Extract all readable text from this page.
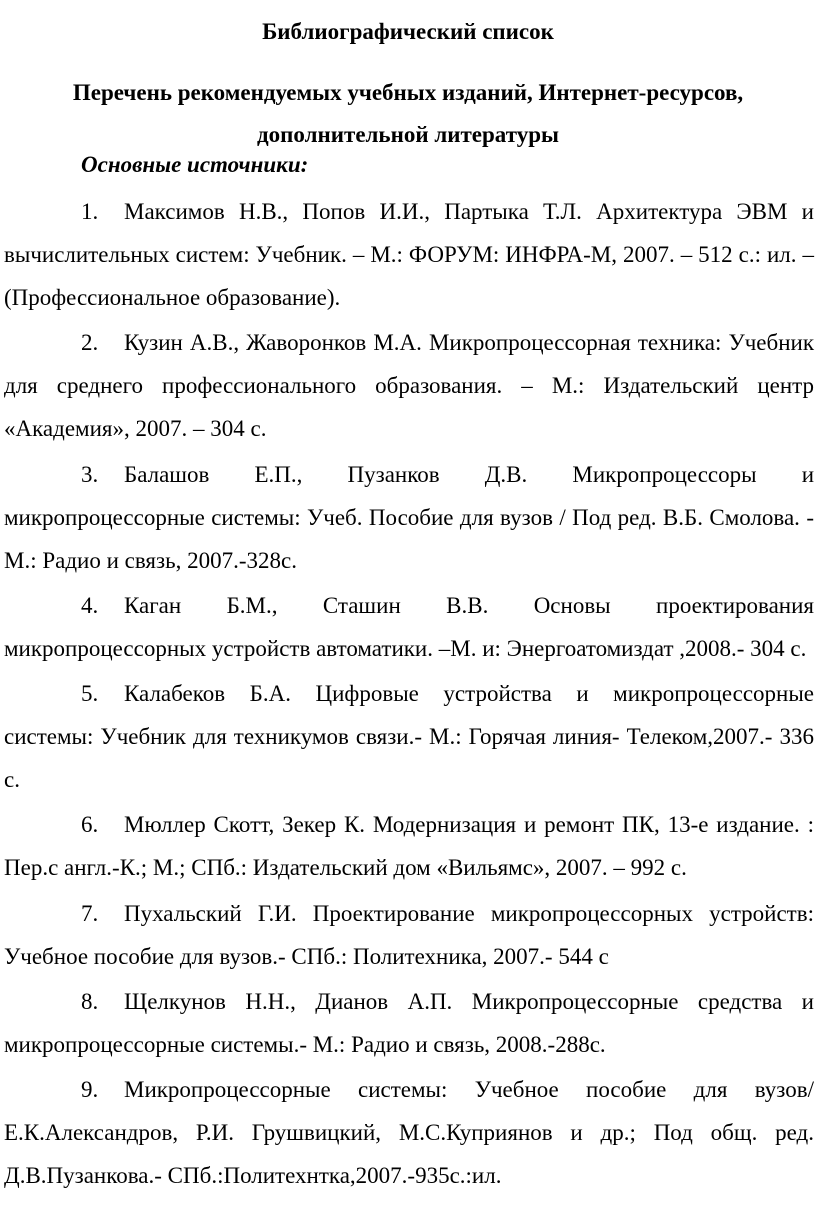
Библиографический список
Перечень рекомендуемых учебных изданий, Интернет-ресурсов,
дополнительной литературы
Основные источники:
1. Максимов Н.В., Попов И.И., Партыка Т.Л. Архитектура ЭВМ и вычислительных систем: Учебник. – М.: ФОРУМ: ИНФРА-М, 2007. – 512 с.: ил. – (Профессиональное образование).
2. Кузин А.В., Жаворонков М.А. Микропроцессорная техника: Учебник для среднего профессионального образования. – М.: Издательский центр «Академия», 2007. – 304 с.
3. Балашов Е.П., Пузанков Д.В. Микропроцессоры и микропроцессорные системы: Учеб. Пособие для вузов / Под ред. В.Б. Смолова. - М.: Радио и связь, 2007.-328с.
4. Каган Б.М., Сташин В.В. Основы проектирования микропроцессорных устройств автоматики. –М. и: Энергоатомиздат ,2008.- 304 с.
5. Калабеков Б.А. Цифровые устройства и микропроцессорные системы: Учебник для техникумов связи.- М.: Горячая линия- Телеком,2007.- 336 с.
6. Мюллер Скотт, Зекер К. Модернизация и ремонт ПК, 13-е издание. : Пер.с англ.-К.; М.; СПб.: Издательский дом «Вильямс», 2007. – 992 с.
7. Пухальский Г.И. Проектирование микропроцессорных устройств: Учебное пособие для вузов.- СПб.: Политехника, 2007.- 544 с
8. Щелкунов Н.Н., Дианов А.П. Микропроцессорные средства и микропроцессорные системы.- М.: Радио и связь, 2008.-288с.
9. Микропроцессорные системы: Учебное пособие для вузов/Е.К.Александров, Р.И. Грушвицкий, М.С.Куприянов и др.; Под общ. ред. Д.В.Пузанкова.- СПб.:Политехнтка,2007.-935с.:ил.
